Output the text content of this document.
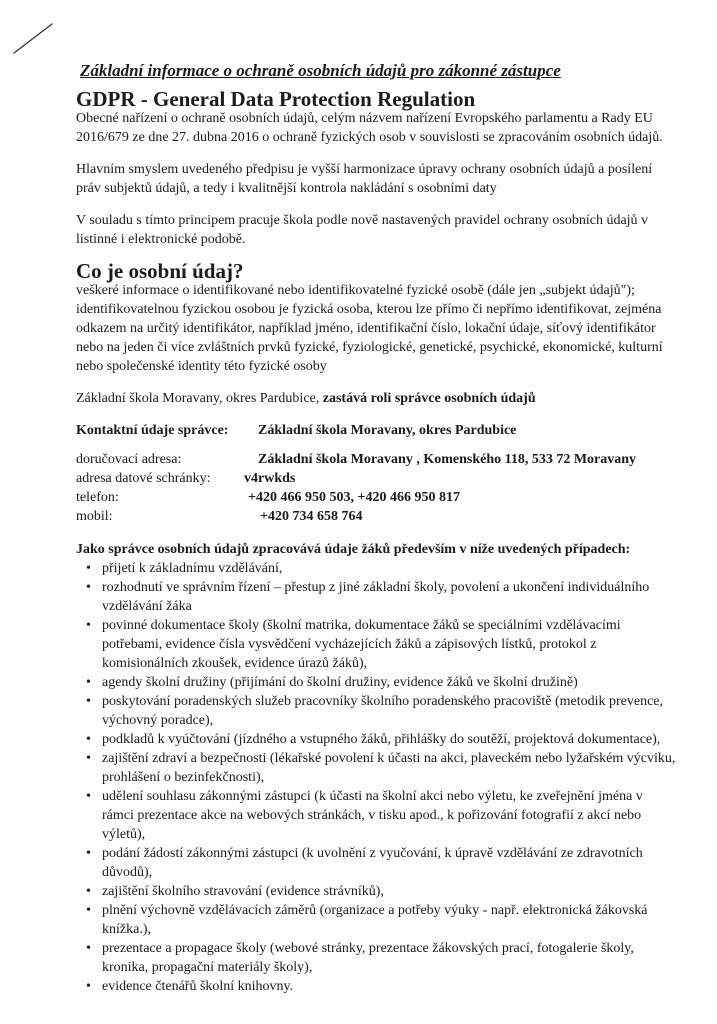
Základní informace o ochraně osobních údajů pro zákonné zástupce
GDPR - General Data Protection Regulation

Obecné nařízení o ochraně osobních údajů, celým názvem nařízení Evropského parlamentu a Rady EU 2016/679 ze dne 27. dubna 2016 o ochraně fyzických osob v souvislosti se zpracováním osobních údajů.

Hlavním smyslem uvedeného předpisu je vyšší harmonizace úpravy ochrany osobních údajů a posílení práv subjektů údajů, a tedy i kvalitnější kontrola nakládání s osobními daty

V souladu s tímto principem pracuje škola podle nově nastavených pravidel ochrany osobních údajů v listinné i elektronické podobě.

Co je osobní údaj?

veškeré informace o identifikované nebo identifikovatelné fyzické osobě (dále jen „subjekt údajů"); identifikovatelnou fyzickou osobou je fyzická osoba, kterou lze přímo či nepřímo identifikovat, zejména odkazem na určitý identifikátor, například jméno, identifikační číslo, lokační údaje, síťový identifikátor nebo na jeden či více zvláštních prvků fyzické, fyziologické, genetické, psychické, ekonomické, kulturní nebo společenské identity této fyzické osoby

Základní škola Moravany, okres Pardubice, zastává roli správce osobních údajů

Kontaktní údaje správce:	Základní škola Moravany, okres Pardubice
doručovací adresa:	Základní škola Moravany , Komenského 118, 533 72 Moravany
adresa datové schránky:	v4rwkds
telefon:	+420 466 950 503, +420 466 950 817
mobil:	+420 734 658 764

Jako správce osobních údajů zpracovává údaje žáků především v níže uvedených případech:

• přijetí k základnímu vzdělávání,
• rozhodnutí ve správním řízení – přestup z jiné základní školy, povolení a ukončení individuálního vzdělávání žáka
• povinné dokumentace školy (školní matrika, dokumentace žáků se speciálními vzdělávacími potřebami, evidence čísla vysvědčení vycházejících žáků a zápisových lístků, protokol z komisionálních zkoušek, evidence úrazů žáků),
• agendy školní družiny (přijímání do školní družiny, evidence žáků ve školní družině)
• poskytování poradenských služeb pracovníky školního poradenského pracoviště (metodik prevence, výchovný poradce),
• podkladů k vyúčtování (jízdného a vstupného žáků, přihlášky do soutěží, projektová dokumentace),
• zajištění zdraví a bezpečnosti (lékařské povolení k účasti na akci, plaveckém nebo lyžařském výcviku, prohlášení o bezinfekčnosti),
• udělení souhlasu zákonnými zástupci (k účasti na školní akci nebo výletu, ke zveřejnění jména v rámci prezentace akce na webových stránkách, v tisku apod., k pořizování fotografií z akcí nebo výletů),
• podání žádostí zákonnými zástupci (k uvolnění z vyučování, k úpravě vzdělávání ze zdravotních důvodů),
• zajištění školního stravování (evidence strávníků),
• plnění výchovně vzdělávacích záměrů (organizace a potřeby výuky - např. elektronická žákovská knížka.),
• prezentace a propagace školy (webové stránky, prezentace žákovských prací, fotogalerie školy, kronika, propagační materiály školy),
• evidence čtenářů školní knihovny.
